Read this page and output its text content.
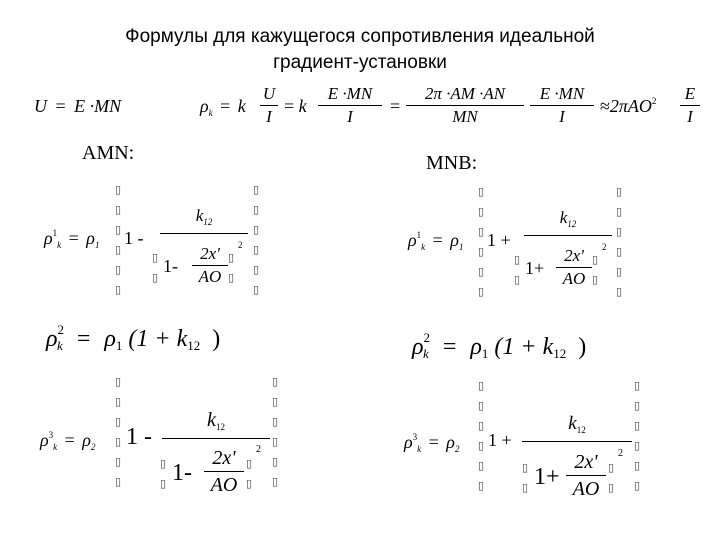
Формулы для кажущегося сопротивления идеальной
градиент-установки
U = E ·MN	$\rho_k = k$
U
I
= k
E ·MN
I
=
2π ·AM ·AN
MN
E ·MN
I
≈2πAO$^2$ E
I
AMN:	MNB:
▯
▯
▯
▯
▯
▯
▯
▯
▯
▯
▯
▯
$\rho^1_k = \rho_1$ 1 -
$k_{12}$
▯
▯
1-
2x'
AO
▯
▯
2
▯
▯
▯
▯
▯
▯
▯
▯
▯
▯
▯
▯
$\rho^1_k = \rho_1$ 1 +
$k_{12}$
▯
▯
1+
2x'
AO
▯
▯
2
$\rho^2_k = \rho_1$ ($1 + k_{12}$ )	$\rho^2_k = \rho_1$ ($1 + k_{12}$ )
▯
▯
▯
▯
▯
▯
▯
▯
▯
▯
▯
▯
$\rho^3_k = \rho_2$ 1 -
$k_{12}$
▯
▯ 1-
2x'
AO
▯
▯
2
▯
▯
▯
▯
▯
▯
▯
▯
▯
▯
▯
▯
$\rho^3_k = \rho_2$ 1 +
$k_{12}$
▯
▯ 1+
2x'
AO
▯
▯
2
